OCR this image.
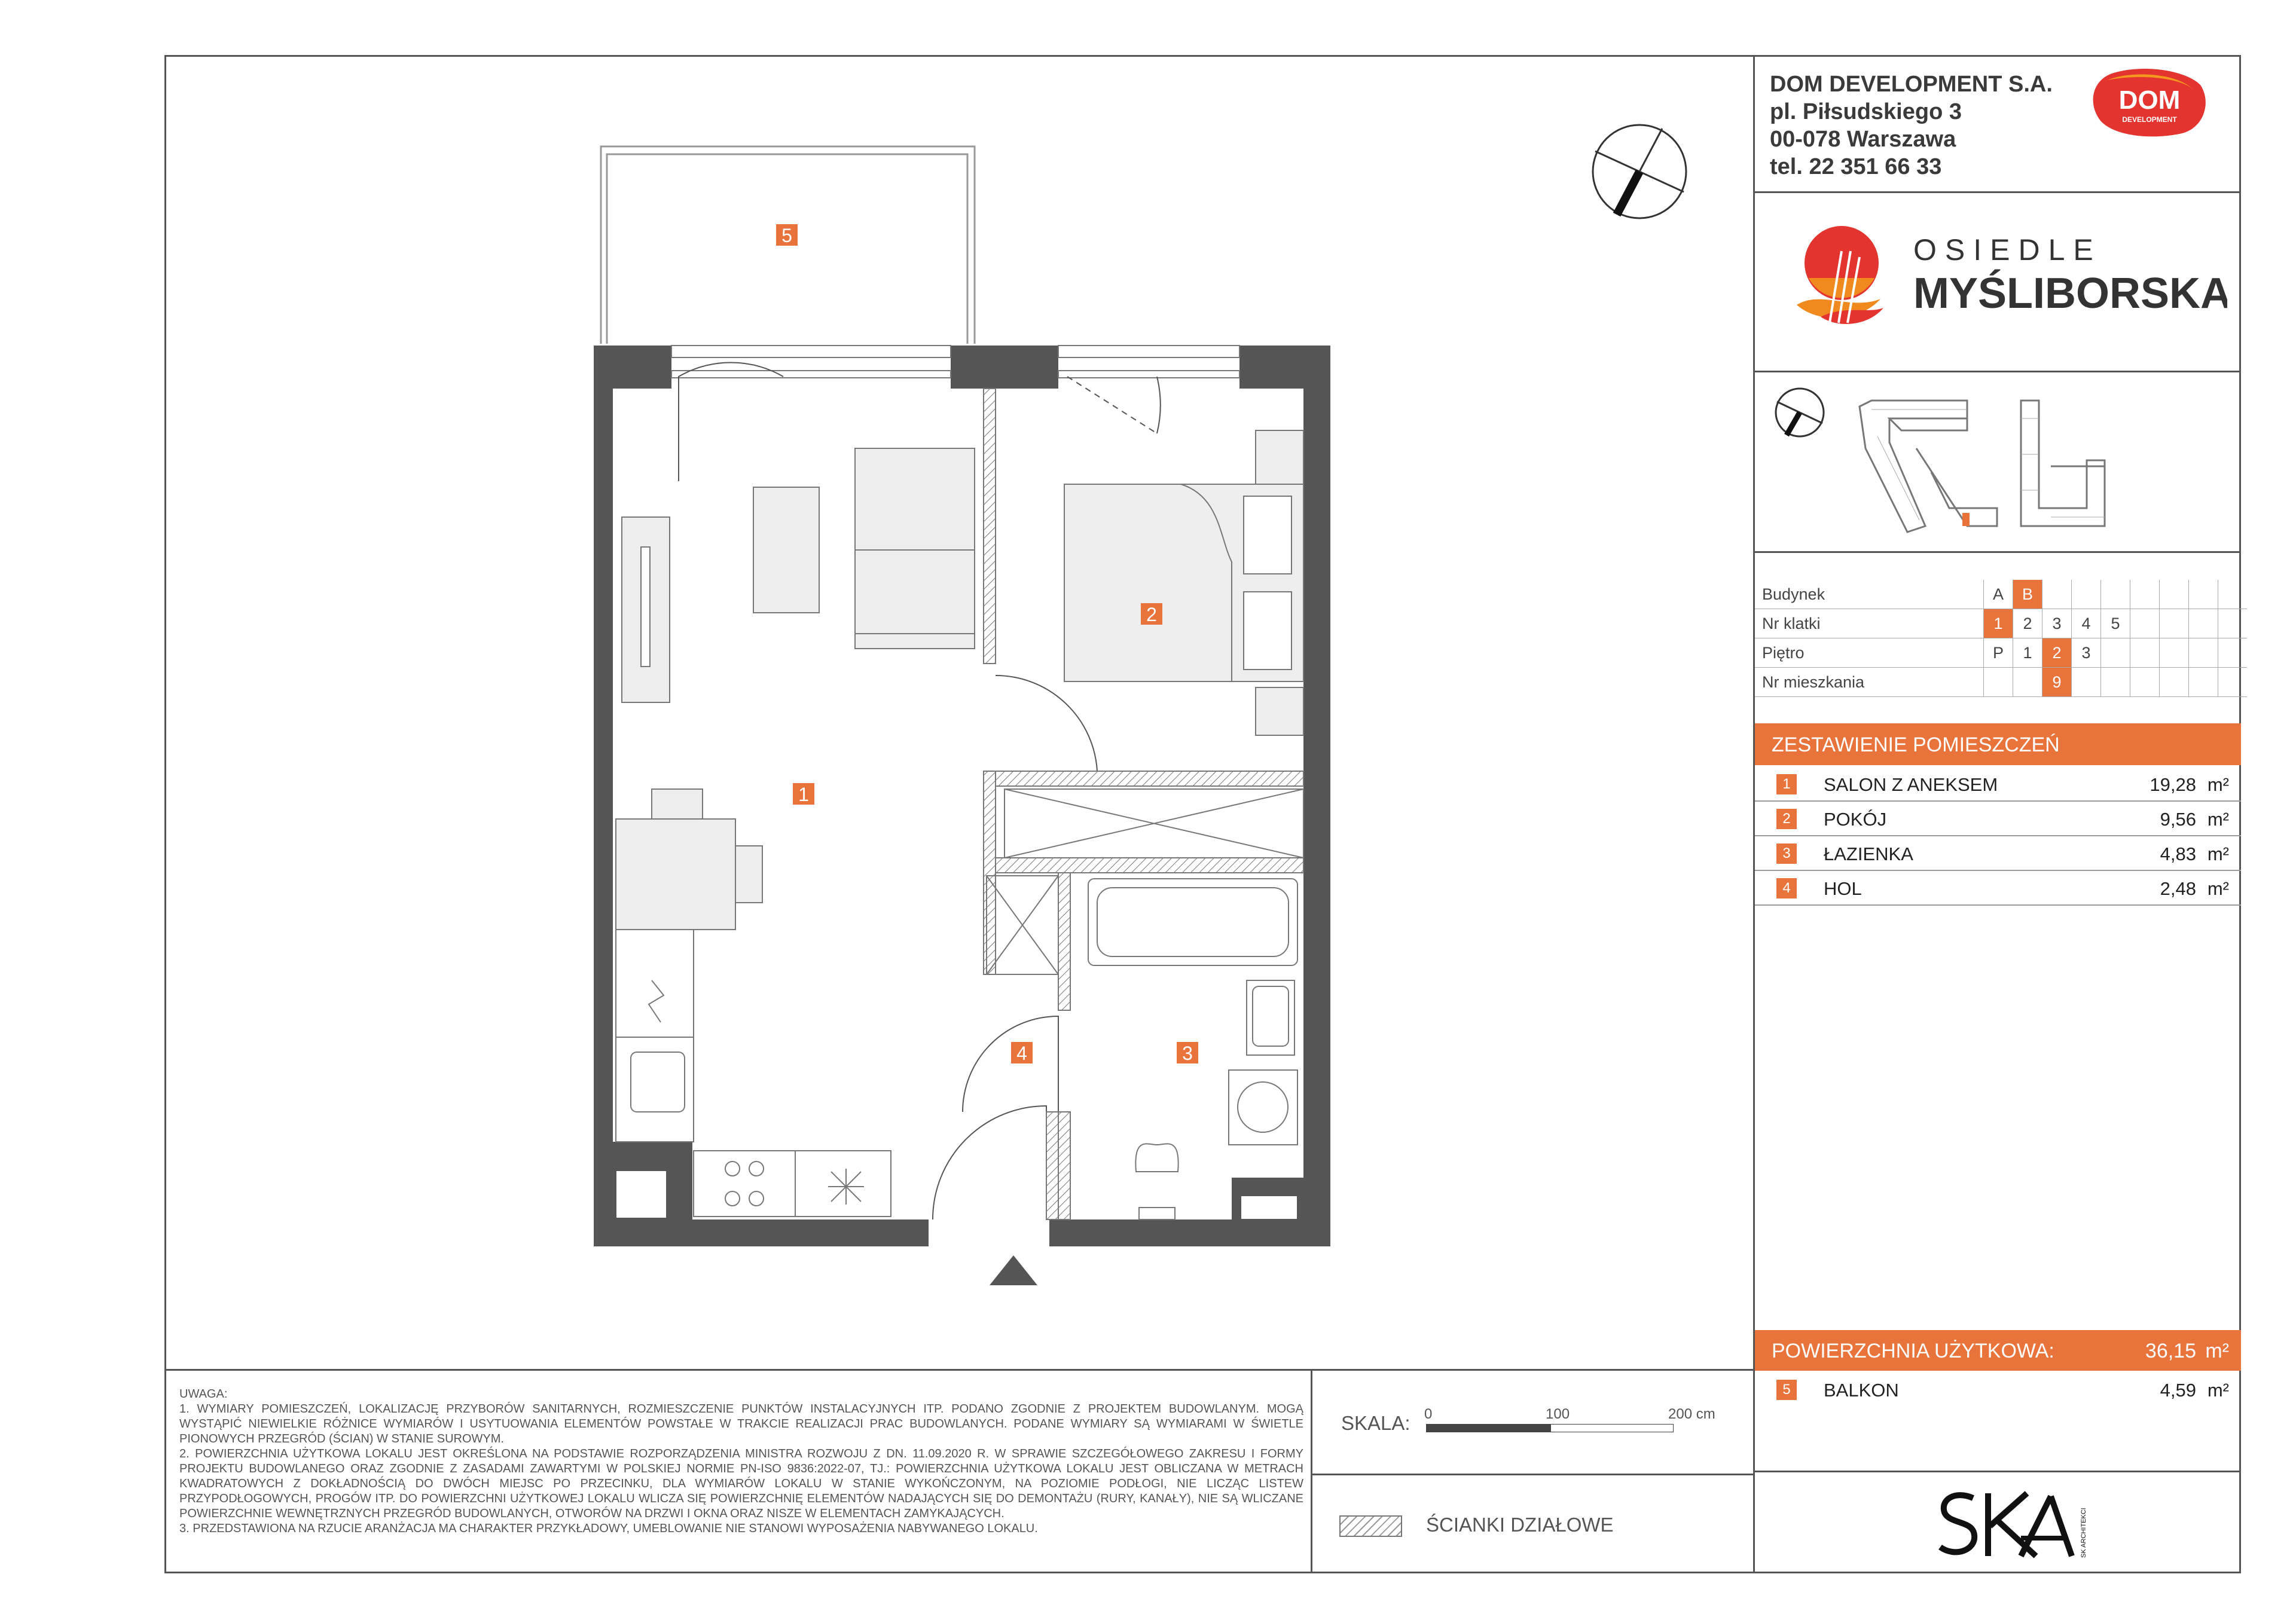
DOM DEVELOPMENT S.A.
pl. Piłsudskiego 3
00-078 Warszawa
tel. 22 351 66 33
DOM
DEVELOPMENT
OSIEDLE
MYŚLIBORSKA
Budynek	A	B							
Nr klatki	1	2	3	4	5				
Piętro	P	1	2	3					
Nr mieszkania			9						
ZESTAWIENIE POMIESZCZEŃ
1	SALON Z ANEKSEM	19,28 m²
2	POKÓJ	9,56 m²
3	ŁAZIENKA	4,83 m²
4	HOL	2,48 m²
POWIERZCHNIA UŻYTKOWA:	36,15 m²
5	BALKON	4,59 m²
UWAGA:
1. WYMIARY POMIESZCZEŃ, LOKALIZACJĘ PRZYBORÓW SANITARNYCH, ROZMIESZCZENIE PUNKTÓW INSTALACYJNYCH ITP. PODANO ZGODNIE Z PROJEKTEM BUDOWLANYM. MOGĄ WYSTĄPIĆ NIEWIELKIE RÓŻNICE WYMIARÓW I USYTUOWANIA ELEMENTÓW POWSTAŁE W TRAKCIE REALIZACJI PRAC BUDOWLANYCH. PODANE WYMIARY SĄ WYMIARAMI W ŚWIETLE PIONOWYCH PRZEGRÓD (ŚCIAN) W STANIE SUROWYM.
2. POWIERZCHNIA UŻYTKOWA LOKALU JEST OKREŚLONA NA PODSTAWIE ROZPORZĄDZENIA MINISTRA ROZWOJU Z DN. 11.09.2020 R. W SPRAWIE SZCZEGÓŁOWEGO ZAKRESU I FORMY PROJEKTU BUDOWLANEGO ORAZ ZGODNIE Z ZASADAMI ZAWARTYMI W POLSKIEJ NORMIE PN-ISO 9836:2022-07, TJ.: POWIERZCHNIA UŻYTKOWA LOKALU JEST OBLICZANA W METRACH KWADRATOWYCH Z DOKŁADNOŚCIĄ DO DWÓCH MIEJSC PO PRZECINKU, DLA WYMIARÓW LOKALU W STANIE WYKOŃCZONYM, NA POZIOMIE PODŁOGI, NIE LICZĄC LISTEW PRZYPODŁOGOWYCH, PROGÓW ITP. DO POWIERZCHNI UŻYTKOWEJ LOKALU WLICZA SIĘ POWIERZCHNIĘ ELEMENTÓW NADAJĄCYCH SIĘ DO DEMONTAŻU (RURY, KANAŁY), NIE SĄ WLICZANE POWIERZCHNIE WEWNĘTRZNYCH PRZEGRÓD BUDOWLANYCH, OTWORÓW NA DRZWI I OKNA ORAZ NISZE W ELEMENTACH ZAMYKAJĄCYCH.
3. PRZEDSTAWIONA NA RZUCIE ARANŻACJA MA CHARAKTER PRZYKŁADOWY, UMEBLOWANIE NIE STANOWI WYPOSAŻENIA NABYWANEGO LOKALU.
SKALA: 0	100	200 cm
ŚCIANKI DZIAŁOWE	SK ARCHITEKCI
5
1
2
3
4
